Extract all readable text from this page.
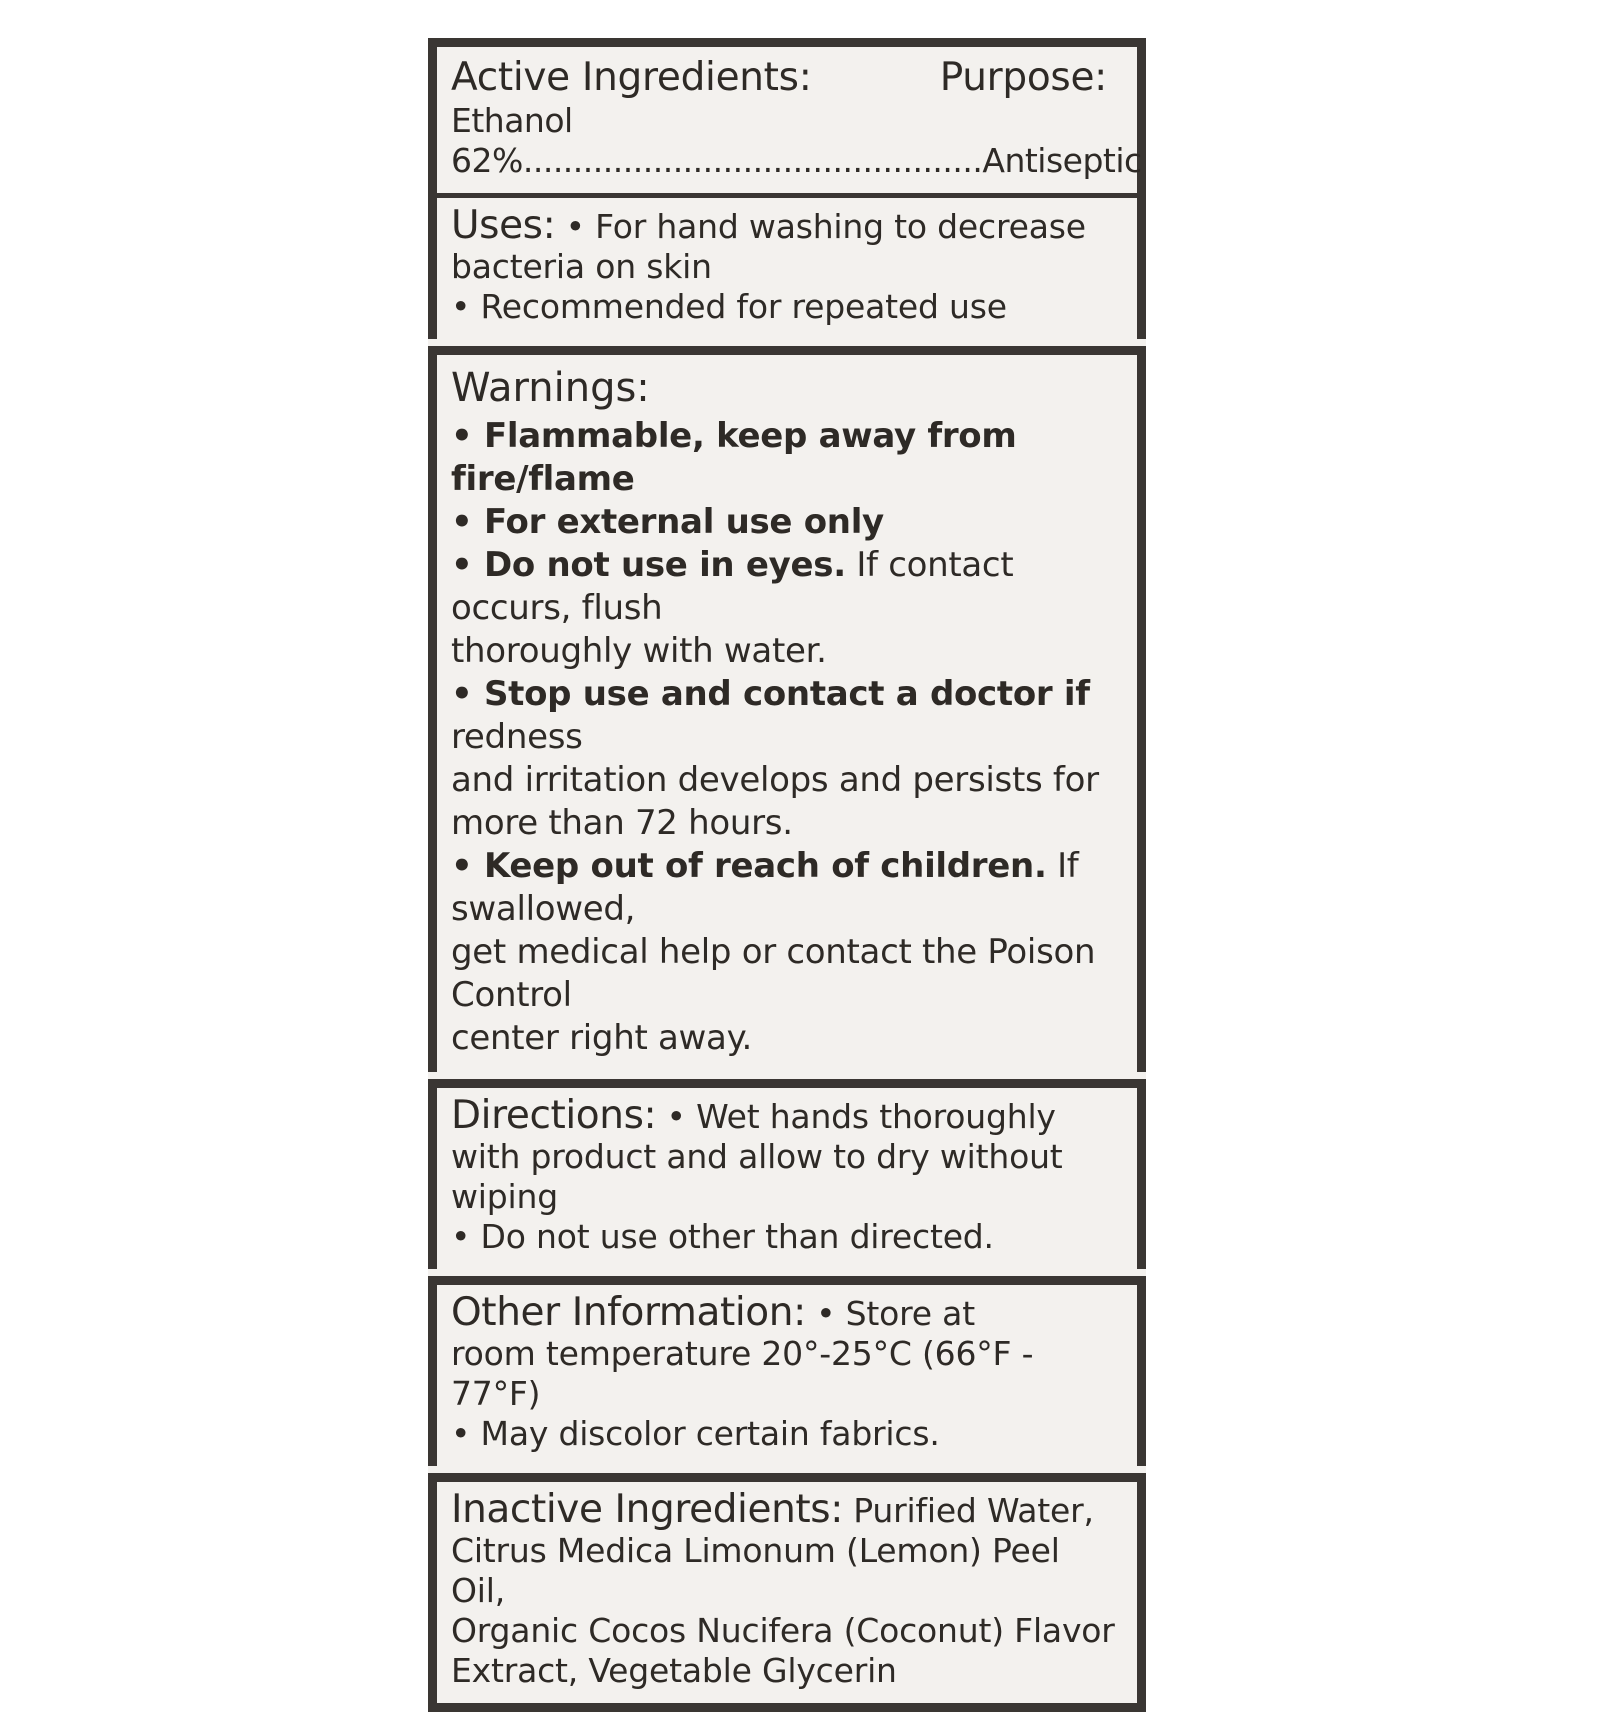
Active Ingredients:	Purpose:
Ethanol 62%..............................................Antiseptic
Uses: • For hand washing to decrease
bacteria on skin
• Recommended for repeated use
Warnings:
• Flammable, keep away from fire/flame
• For external use only
• Do not use in eyes. If contact occurs, flush
thoroughly with water.
• Stop use and contact a doctor if redness
and irritation develops and persists for
more than 72 hours.
• Keep out of reach of children. If swallowed,
get medical help or contact the Poison Control
center right away.
Directions: • Wet hands thoroughly
with product and allow to dry without wiping
• Do not use other than directed.
Other Information: • Store at
room temperature 20°-25°C (66°F - 77°F)
• May discolor certain fabrics.
Inactive Ingredients: Purified Water,
Citrus Medica Limonum (Lemon) Peel Oil,
Organic Cocos Nucifera (Coconut) Flavor
Extract, Vegetable Glycerin
